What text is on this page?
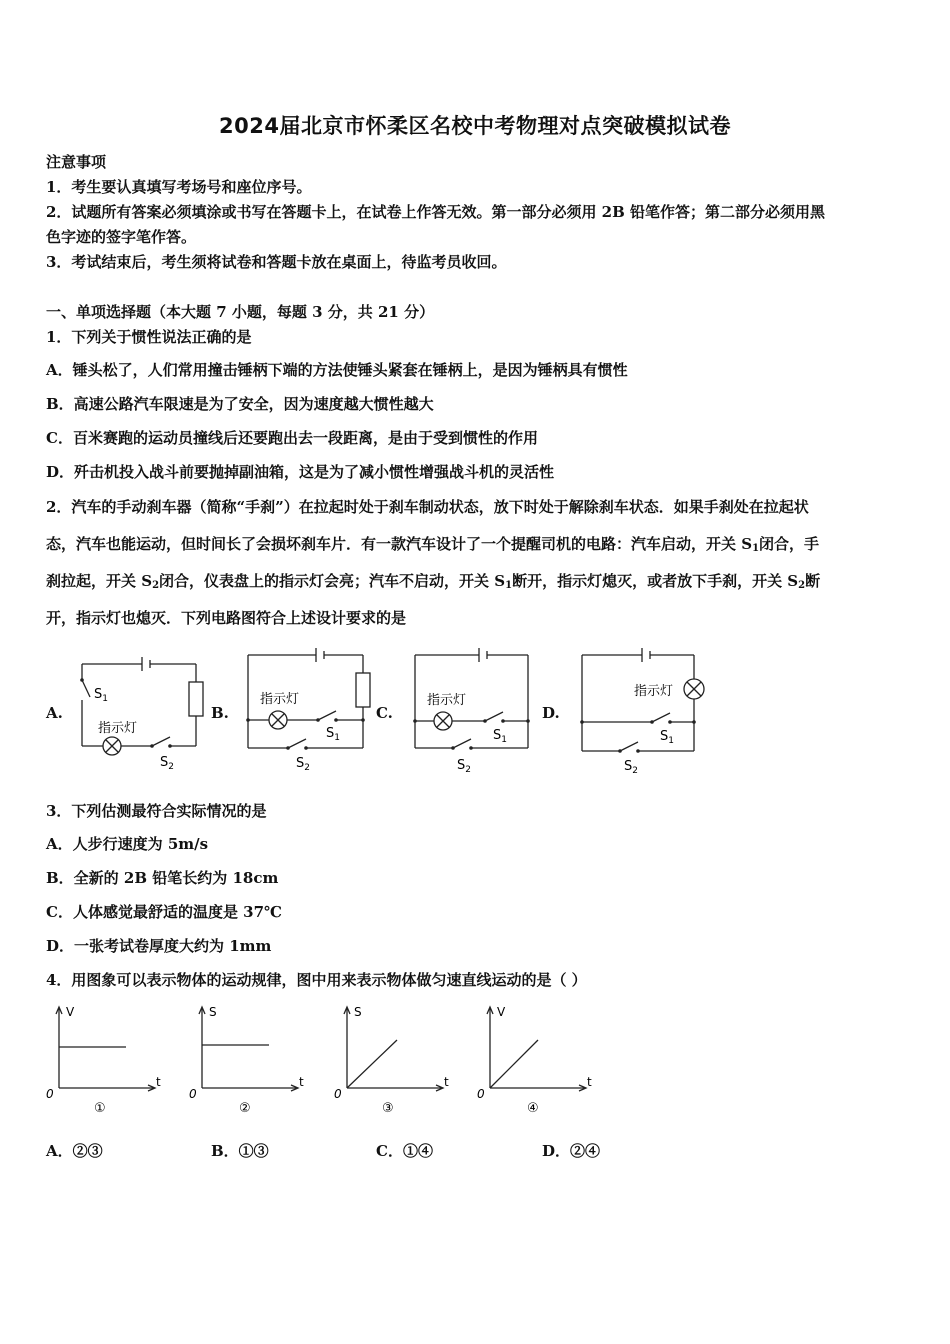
2024届北京市怀柔区名校中考物理对点突破模拟试卷
注意事项
1．考生要认真填写考场号和座位序号。
2．试题所有答案必须填涂或书写在答题卡上，在试卷上作答无效。第一部分必须用 2B 铅笔作答；第二部分必须用黑
色字迹的签字笔作答。
3．考试结束后，考生须将试卷和答题卡放在桌面上，待监考员收回。
一、单项选择题（本大题 7 小题，每题 3 分，共 21 分）
1．下列关于惯性说法正确的是
A．锤头松了，人们常用撞击锤柄下端的方法使锤头紧套在锤柄上，是因为锤柄具有惯性
B．高速公路汽车限速是为了安全，因为速度越大惯性越大
C．百米赛跑的运动员撞线后还要跑出去一段距离，是由于受到惯性的作用
D．歼击机投入战斗前要抛掉副油箱，这是为了减小惯性增强战斗机的灵活性
2．汽车的手动刹车器（简称“手刹”）在拉起时处于刹车制动状态，放下时处于解除刹车状态．如果手刹处在拉起状
态，汽车也能运动，但时间长了会损坏刹车片．有一款汽车设计了一个提醒司机的电路：汽车启动，开关 $S_1$闭合，手
刹拉起，开关 $S_2$闭合，仪表盘上的指示灯会亮；汽车不启动，开关 $S_1$断开，指示灯熄灭，或者放下手刹，开关 $S_2$断
开，指示灯也熄灭．下列电路图符合上述设计要求的是
A.	B.	C.	D.
$S_1$
指示灯
$S_2$
指示灯
$S_1$
$S_2$
指示灯
$S_1$
$S_2$
指示灯
$S_1$
$S_2$
3．下列估测最符合实际情况的是
A．人步行速度为 5m/s
B．全新的 2B 铅笔长约为 18cm
C．人体感觉最舒适的温度是 37℃
D．一张考试卷厚度大约为 1mm
4．用图象可以表示物体的运动规律，图中用来表示物体做匀速直线运动的是（ ）
V
t
0
①
S
t
0
②
S
t
0
③
V
t
0
④
A．②③	B．①③	C．①④	D．②④
